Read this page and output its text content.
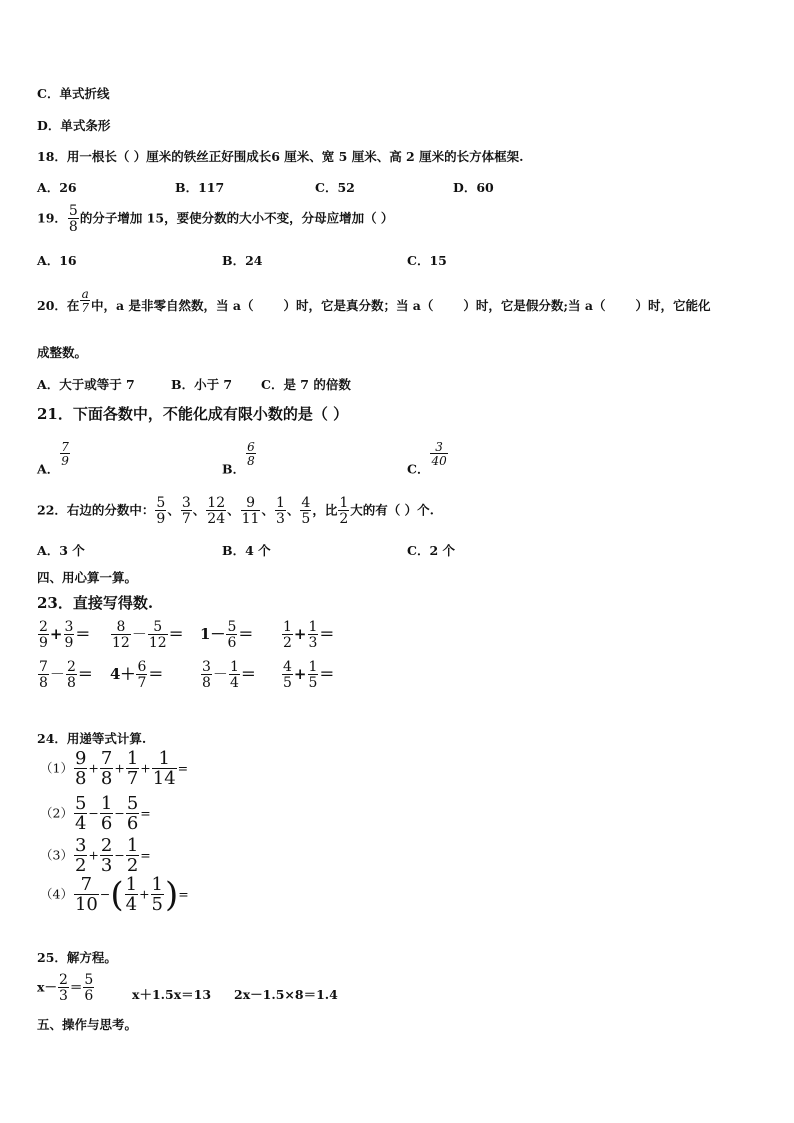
C．单式折线
D．单式条形
18．用一根长（ ）厘米的铁丝正好围成长6 厘米、宽 5 厘米、高 2 厘米的长方体框架.
A．26	B．117	C．52	D．60
19． $\frac{5}{8}$ 的分子增加 15，要使分数的大小不变，分母应增加（ ）
A．16	B．24	C．15
20．在 $\frac{a}{7}$ 中，a 是非零自然数，当 a（ ）时，它是真分数；当 a（ ）时，它是假分数;当 a（ ）时，它能化
成整数。
A．大于或等于 7	B．小于 7 C．是 7 的倍数
21．下面各数中，不能化成有限小数的是（ ）
A．
$\frac{7}{9}$
B．
$\frac{6}{8}$
C．
$\frac{3}{40}$
22．右边的分数中： $\frac{5}{9}$ 、 $\frac{3}{7}$ 、 $\frac{12}{24}$ 、 $\frac{9}{11}$ 、 $\frac{1}{3}$ 、 $\frac{4}{5}$ ，比 $\frac{1}{2}$ 大的有（ ）个.
A．3 个	B．4 个	C．2 个
四、用心算一算。
23．直接写得数.
$\frac{2}{9} + \frac{3}{9} = \frac{8}{12} - \frac{5}{12} = 1- \frac{5}{6} = \frac{1}{2} + \frac{1}{3}$ ＝
$\frac{7}{8} - \frac{2}{8} = 4+ \frac{6}{7}$ ＝	$\frac{3}{8} - \frac{1}{4} = \frac{4}{5} + \frac{1}{5}$ ＝
24．用递等式计算.
$(1) \frac{9}{8} + \frac{7}{8} + \frac{1}{7} + \frac{1}{14}$ =
$(2) \frac{5}{4} - \frac{1}{6} - \frac{5}{6}$ =
$(3) \frac{3}{2} + \frac{2}{3} - \frac{1}{2}$ =
$(4) \frac{7}{10}$ −( $\frac{1}{4} + \frac{1}{5}$ )=
25．解方程。
$x- \frac{2}{3} = \frac{5}{6}$	x＋1.5x＝13 2x－1.5×8＝1.4
五、操作与思考。
